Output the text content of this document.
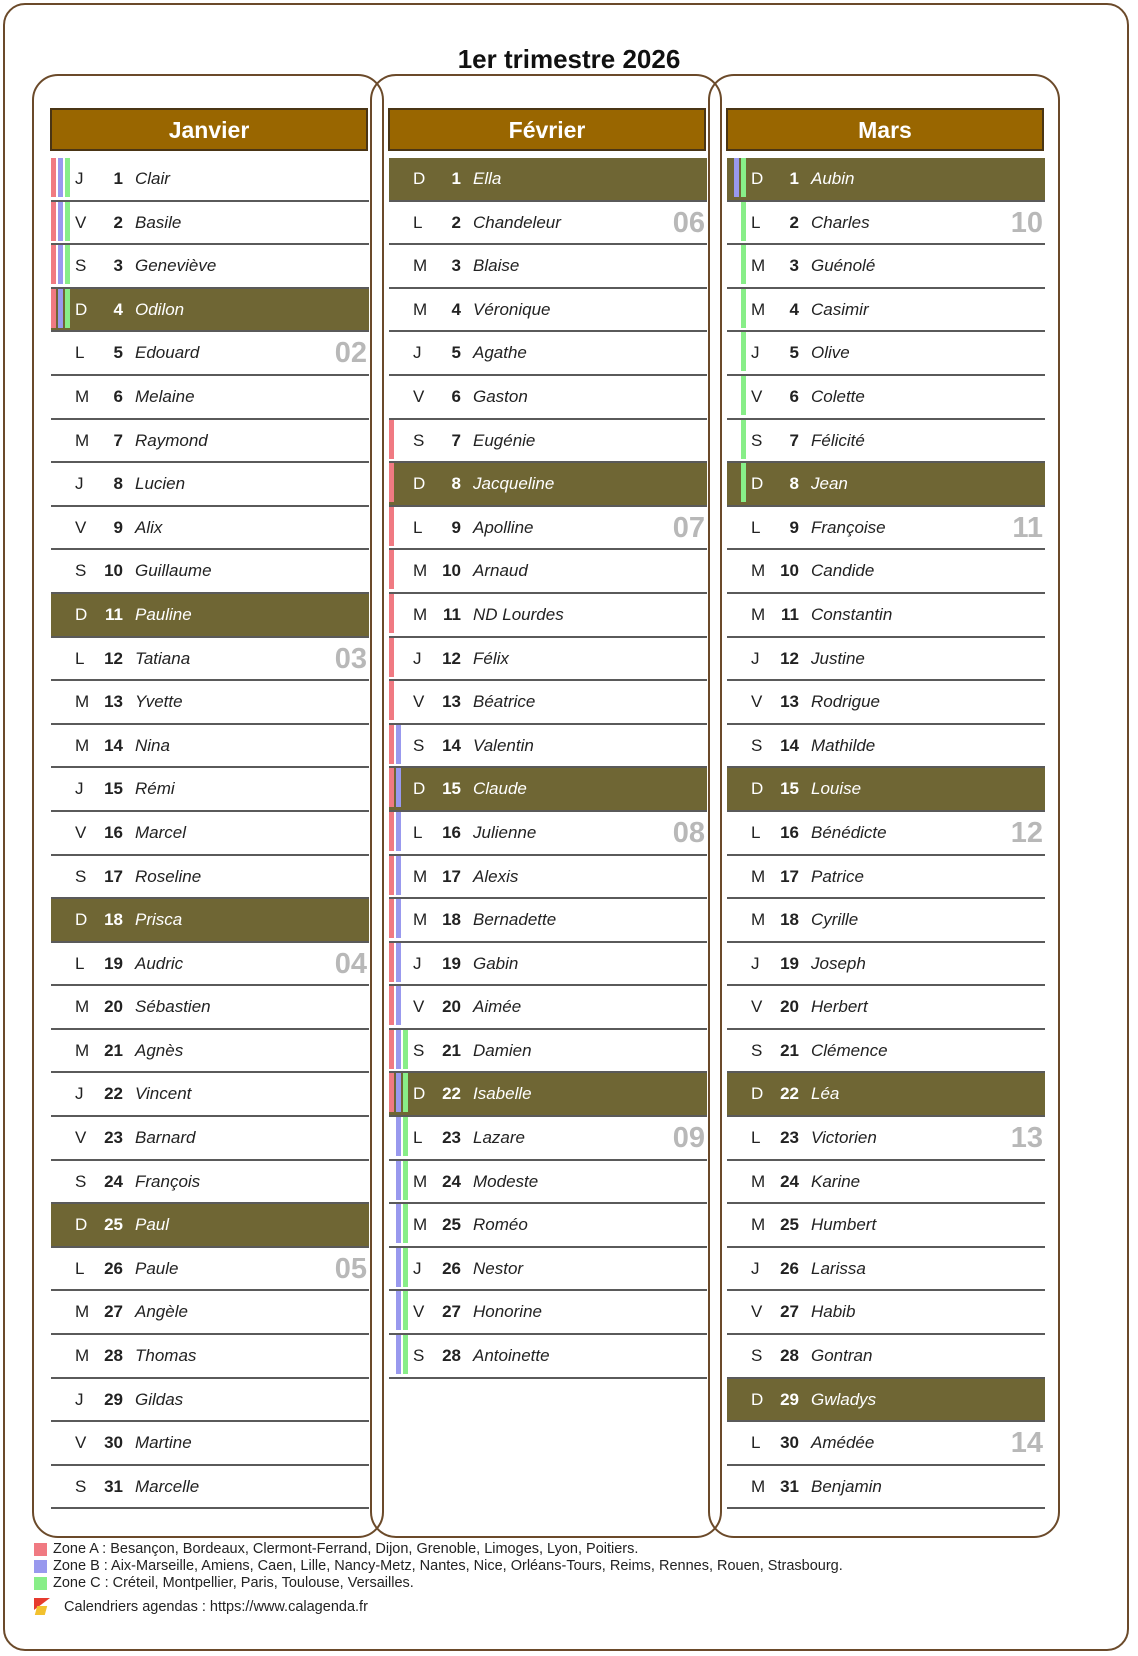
1er trimestre 2026
Janvier
J	1 Clair
V	2 Basile
S	3 Geneviève
D	4 Odilon
L	5 Edouard	02
M	6 Melaine
M	7 Raymond
J	8 Lucien
V	9 Alix
S	10 Guillaume
D	11 Pauline
L	12 Tatiana	03
M 13 Yvette
M 14 Nina
J	15 Rémi
V	16 Marcel
S	17 Roseline
D 18 Prisca
L	19 Audric	04
M 20 Sébastien
M 21 Agnès
J	22 Vincent
V	23 Barnard
S	24 François
D 25 Paul
L	26 Paule	05
M 27 Angèle
M 28 Thomas
J	29 Gildas
V	30 Martine
S	31 Marcelle
Février
D	1 Ella
L	2 Chandeleur	06
M	3 Blaise
M	4 Véronique
J	5 Agathe
V	6 Gaston
S	7 Eugénie
D	8 Jacqueline
L	9 Apolline	07
M 10 Arnaud
M 11 ND Lourdes
J	12 Félix
V	13 Béatrice
S	14 Valentin
D 15 Claude
L	16 Julienne	08
M 17 Alexis
M 18 Bernadette
J	19 Gabin
V	20 Aimée
S	21 Damien
D 22 Isabelle
L	23 Lazare	09
M 24 Modeste
M 25 Roméo
J	26 Nestor
V	27 Honorine
S	28 Antoinette
Mars
D	1 Aubin
L	2 Charles	10
M	3 Guénolé
M	4 Casimir
J	5 Olive
V	6 Colette
S	7 Félicité
D	8 Jean
L	9 Françoise	11
M 10 Candide
M 11 Constantin
J	12 Justine
V	13 Rodrigue
S	14 Mathilde
D 15 Louise
L	16 Bénédicte	12
M 17 Patrice
M 18 Cyrille
J	19 Joseph
V	20 Herbert
S	21 Clémence
D 22 Léa
L	23 Victorien	13
M 24 Karine
M 25 Humbert
J	26 Larissa
V	27 Habib
S	28 Gontran
D 29 Gwladys
L	30 Amédée	14
M 31 Benjamin
Zone A : Besançon, Bordeaux, Clermont-Ferrand, Dijon, Grenoble, Limoges, Lyon, Poitiers.
Zone B : Aix-Marseille, Amiens, Caen, Lille, Nancy-Metz, Nantes, Nice, Orléans-Tours, Reims, Rennes, Rouen, Strasbourg.
Zone C : Créteil, Montpellier, Paris, Toulouse, Versailles.
Calendriers agendas : https://www.calagenda.fr
